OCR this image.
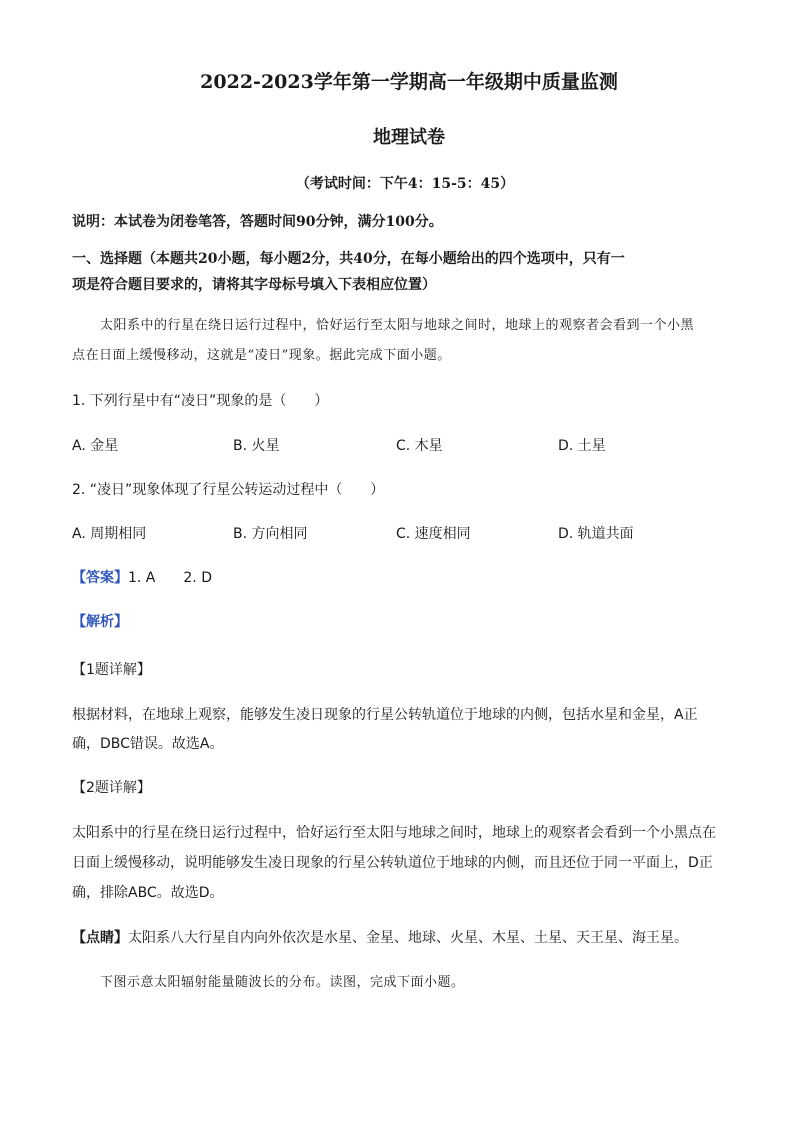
2022-2023学年第一学期高一年级期中质量监测
地理试卷
（考试时间：下午4：15-5：45）
说明：本试卷为闭卷笔答，答题时间90分钟，满分100分。
一、选择题（本题共20小题，每小题2分，共40分，在每小题给出的四个选项中，只有一
项是符合题目要求的，请将其字母标号填入下表相应位置）
太阳系中的行星在绕日运行过程中，恰好运行至太阳与地球之间时，地球上的观察者会看到一个小黑
点在日面上缓慢移动，这就是“凌日”现象。据此完成下面小题。
1. 下列行星中有“凌日”现象的是（　　）
A. 金星	B. 火星	C. 木星	D. 土星
2. “凌日”现象体现了行星公转运动过程中（　　）
A. 周期相同	B. 方向相同	C. 速度相同	D. 轨道共面
【答案】1. A　　2. D
【解析】
【1题详解】
根据材料，在地球上观察，能够发生凌日现象的行星公转轨道位于地球的内侧，包括水星和金星，A正
确，DBC错误。故选A。
【2题详解】
太阳系中的行星在绕日运行过程中，恰好运行至太阳与地球之间时，地球上的观察者会看到一个小黑点在
日面上缓慢移动，说明能够发生凌日现象的行星公转轨道位于地球的内侧，而且还位于同一平面上，D正
确，排除ABC。故选D。
【点睛】太阳系八大行星自内向外依次是水星、金星、地球、火星、木星、土星、天王星、海王星。
下图示意太阳辐射能量随波长的分布。读图，完成下面小题。
